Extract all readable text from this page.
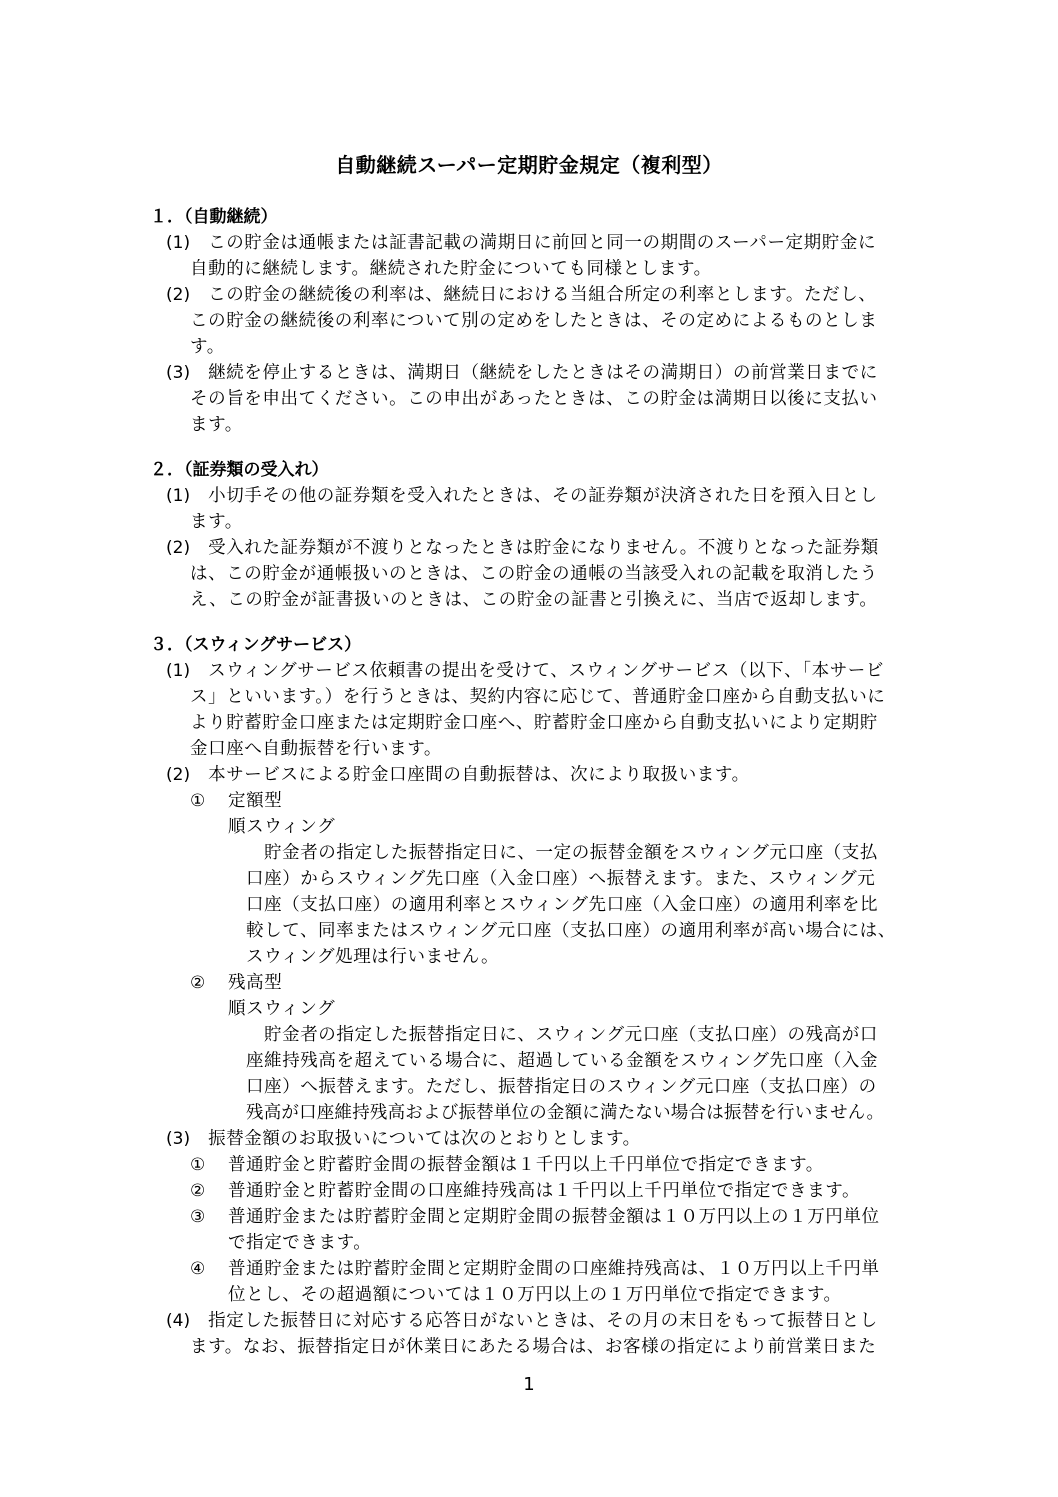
自動継続スーパー定期貯金規定（複利型）
１．（自動継続）
(1) 　この貯金は通帳または証書記載の満期日に前回と同一の期間のスーパー定期貯金に
自動的に継続します。継続された貯金についても同様とします。
(2) 　この貯金の継続後の利率は、継続日における当組合所定の利率とします。ただし、
この貯金の継続後の利率について別の定めをしたときは、その定めによるものとしま
す。
(3) 　継続を停止するときは、満期日（継続をしたときはその満期日）の前営業日までに
その旨を申出てください。この申出があったときは、この貯金は満期日以後に支払い
ます。
２．（証券類の受入れ）
(1) 　小切手その他の証券類を受入れたときは、その証券類が決済された日を預入日とし
ます。
(2) 　受入れた証券類が不渡りとなったときは貯金になりません。不渡りとなった証券類
は、この貯金が通帳扱いのときは、この貯金の通帳の当該受入れの記載を取消したう
え、この貯金が証書扱いのときは、この貯金の証書と引換えに、当店で返却します。
３．（スウィングサービス）
(1) 　スウィングサービス依頼書の提出を受けて、スウィングサービス（以下、「本サービ
ス」といいます。）を行うときは、契約内容に応じて、普通貯金口座から自動支払いに
より貯蓄貯金口座または定期貯金口座へ、貯蓄貯金口座から自動支払いにより定期貯
金口座へ自動振替を行います。
(2) 　本サービスによる貯金口座間の自動振替は、次により取扱います。
① 定額型
順スウィング
貯金者の指定した振替指定日に、一定の振替金額をスウィング元口座（支払
口座）からスウィング先口座（入金口座）へ振替えます。また、スウィング元
口座（支払口座）の適用利率とスウィング先口座（入金口座）の適用利率を比
較して、同率またはスウィング元口座（支払口座）の適用利率が高い場合には、
スウィング処理は行いません。
② 残高型
順スウィング
貯金者の指定した振替指定日に、スウィング元口座（支払口座）の残高が口
座維持残高を超えている場合に、超過している金額をスウィング先口座（入金
口座）へ振替えます。ただし、振替指定日のスウィング元口座（支払口座）の
残高が口座維持残高および振替単位の金額に満たない場合は振替を行いません。
(3) 　振替金額のお取扱いについては次のとおりとします。
① 普通貯金と貯蓄貯金間の振替金額は１千円以上千円単位で指定できます。
② 普通貯金と貯蓄貯金間の口座維持残高は１千円以上千円単位で指定できます。
③ 普通貯金または貯蓄貯金間と定期貯金間の振替金額は１０万円以上の１万円単位
で指定できます。
④ 普通貯金または貯蓄貯金間と定期貯金間の口座維持残高は、１０万円以上千円単
位とし、その超過額については１０万円以上の１万円単位で指定できます。
(4) 　指定した振替日に対応する応答日がないときは、その月の末日をもって振替日とし
ます。なお、振替指定日が休業日にあたる場合は、お客様の指定により前営業日また
1
